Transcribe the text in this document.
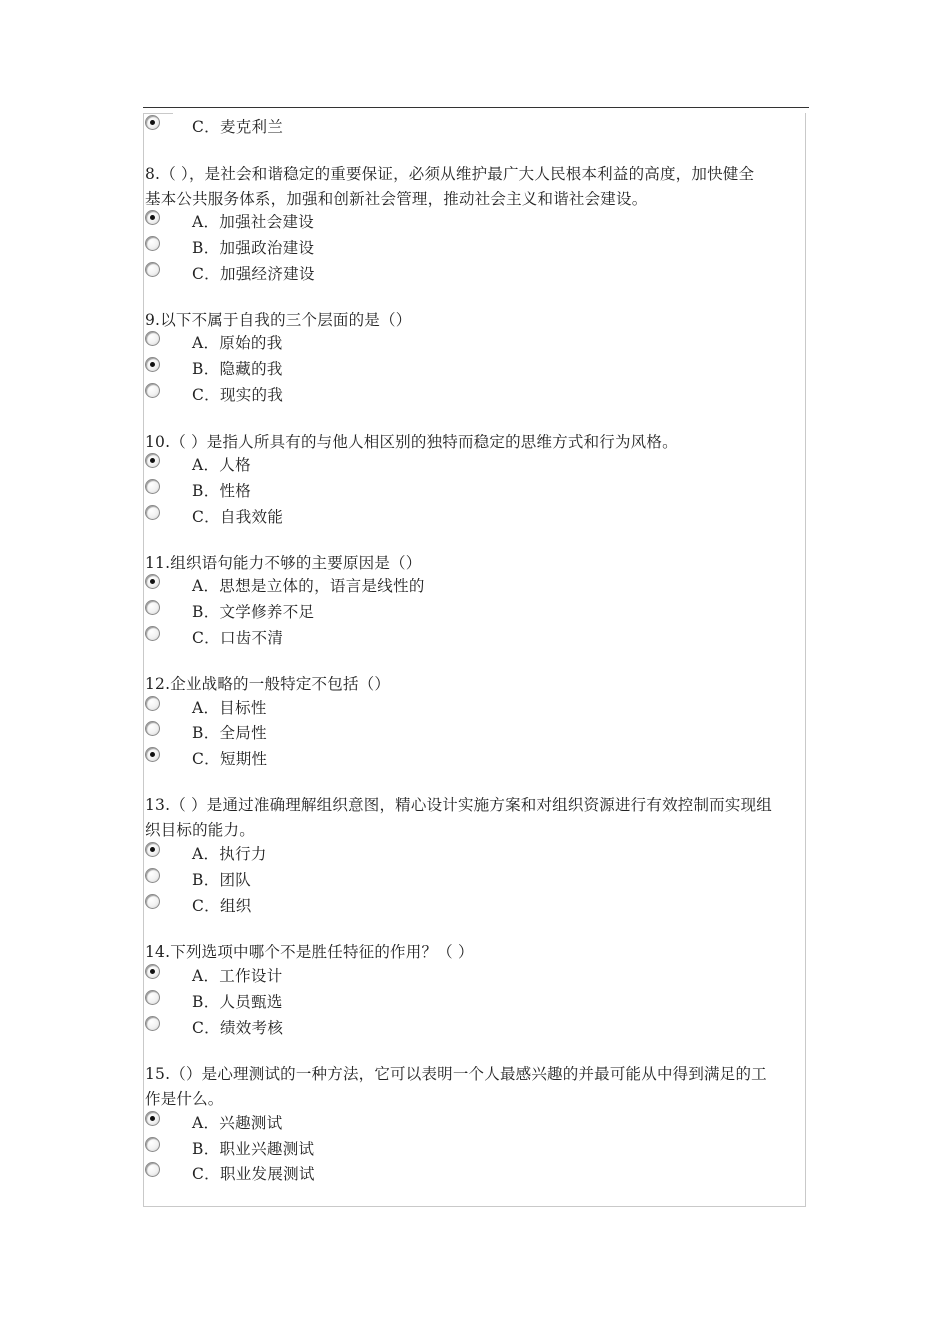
C．麦克利兰
8.（ ），是社会和谐稳定的重要保证，必须从维护最广大人民根本利益的高度，加快健全
基本公共服务体系，加强和创新社会管理，推动社会主义和谐社会建设。
A．加强社会建设
B．加强政治建设
C．加强经济建设
9.以下不属于自我的三个层面的是（）
A．原始的我
B．隐藏的我
C．现实的我
10.（ ）是指人所具有的与他人相区别的独特而稳定的思维方式和行为风格。
A．人格
B．性格
C．自我效能
11.组织语句能力不够的主要原因是（）
A．思想是立体的，语言是线性的
B．文学修养不足
C．口齿不清
12.企业战略的一般特定不包括（）
A．目标性
B．全局性
C．短期性
13.（ ）是通过准确理解组织意图，精心设计实施方案和对组织资源进行有效控制而实现组
织目标的能力。
A．执行力
B．团队
C．组织
14.下列选项中哪个不是胜任特征的作用？（ ）
A．工作设计
B．人员甄选
C．绩效考核
15.（）是心理测试的一种方法，它可以表明一个人最感兴趣的并最可能从中得到满足的工
作是什么。
A．兴趣测试
B．职业兴趣测试
C．职业发展测试
